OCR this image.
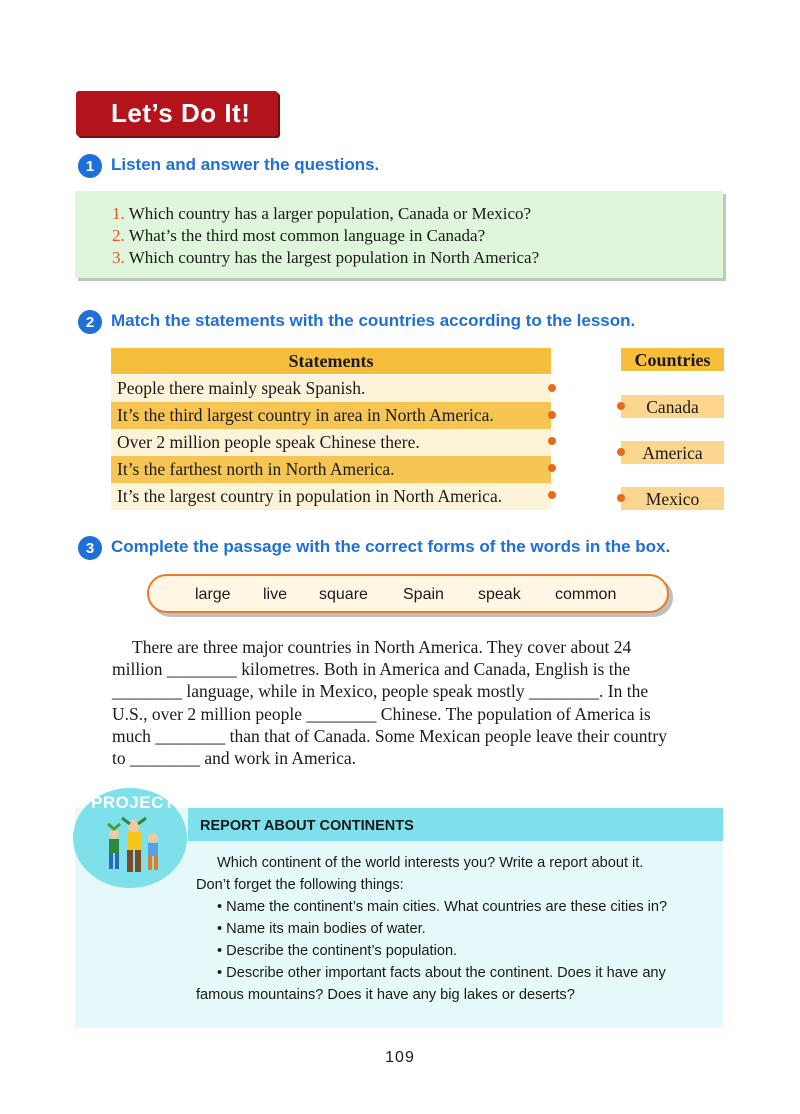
Let’s Do It!
1 Listen and answer the questions.
1. Which country has a larger population, Canada or Mexico?
2. What’s the third most common language in Canada?
3. Which country has the largest population in North America?
2 Match the statements with the countries according to the lesson.
Statements
People there mainly speak Spanish.
It’s the third largest country in area in North America.
Over 2 million people speak Chinese there.
It’s the farthest north in North America.
It’s the largest country in population in North America.
Countries
Canada
America
Mexico
3 Complete the passage with the correct forms of the words in the box.
large live square Spain speak common

There are three major countries in North America. They cover about 24

million ________ kilometres. Both in America and Canada, English is the

________ language, while in Mexico, people speak mostly ________. In the

U.S., over 2 million people ________ Chinese. The population of America is

much ________ than that of Canada. Some Mexican people leave their country

to ________ and work in America.

PROJECT
REPORT ABOUT CONTINENTS

Which continent of the world interests you? Write a report about it.

Don’t forget the following things:

• Name the continent’s main cities. What countries are these cities in?

• Name its main bodies of water.

• Describe the continent’s population.

• Describe other important facts about the continent. Does it have any

famous mountains? Does it have any big lakes or deserts?

109
